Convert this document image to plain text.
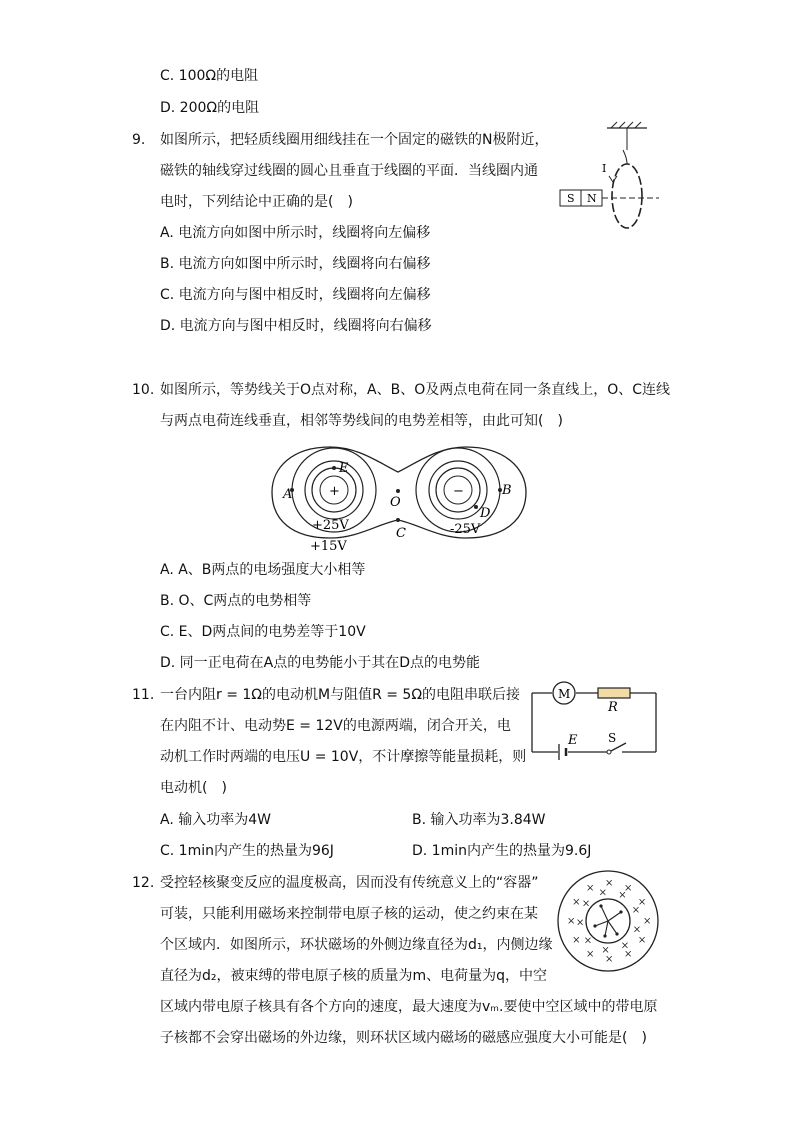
C. 100Ω的电阻
D. 200Ω的电阻
9. 如图所示，把轻质线圈用细线挂在一个固定的磁铁的N极附近，
磁铁的轴线穿过线圈的圆心且垂直于线圈的平面．当线圈内通
电时，下列结论中正确的是(　)
A. 电流方向如图中所示时，线圈将向左偏移
B. 电流方向如图中所示时，线圈将向右偏移
C. 电流方向与图中相反时，线圈将向左偏移
D. 电流方向与图中相反时，线圈将向右偏移
S N
I
10. 如图所示，等势线关于O点对称，A、B、O及两点电荷在同一条直线上，O、C连线
与两点电荷连线垂直，相邻等势线间的电势差相等，由此可知(　)
+	−
A	B
O
C
E
D
+25V
+15V
-25V
A. A、B两点的电场强度大小相等
B. O、C两点的电势相等
C. E、D两点间的电势差等于10V
D. 同一正电荷在A点的电势能小于其在D点的电势能
11. 一台内阻r = 1Ω的电动机M与阻值R = 5Ω的电阻串联后接
在内阻不计、电动势E = 12V的电源两端，闭合开关，电
动机工作时两端的电压U = 10V，不计摩擦等能量损耗，则
电动机(　)
M
R
E	S
A. 输入功率为4W	B. 输入功率为3.84W
C. 1min内产生的热量为96J	D. 1min内产生的热量为9.6J
12. 受控轻核聚变反应的温度极高，因而没有传统意义上的“容器”
可装，只能利用磁场来控制带电原子核的运动，使之约束在某
个区域内．如图所示，环状磁场的外侧边缘直径为d₁，内侧边缘
直径为d₂，被束缚的带电原子核的质量为m、电荷量为q，中空
区域内带电原子核具有各个方向的速度，最大速度为vₘ.要使中空区域中的带电原
子核都不会穿出磁场的外边缘，则环状区域内磁场的磁感应强度大小可能是(　)
×
×
×
×
×
×
×
×
× × ×
×
×
×
×
×
×
×
× ×
×
